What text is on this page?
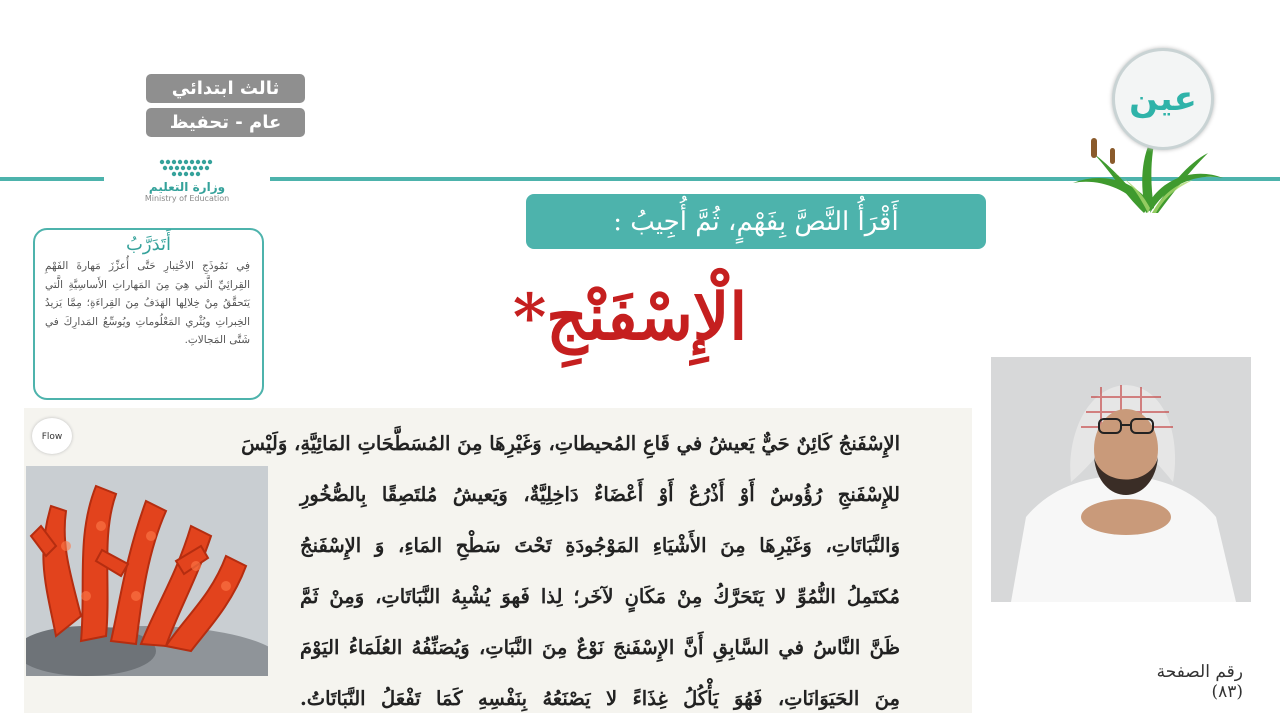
ثالث ابتدائي
عام - تحفيظ
وزارة التعليم
Ministry of Education
أَتَدَرَّبُ
فِي نَمُوذَجِ الاخْتِبارِ حَتَّى أُعزِّزَ مَهارةَ الفَهْمِ القِرائِيِّ الَّتي هِيَ مِنَ المَهاراتِ الأَساسِيَّةِ الَّتي يَتَحقَّقُ مِنْ خِلالِها الهَدَفُ مِنَ القِراءَةِ؛ مِمَّا يَزيدُ الخِبراتِ ويُثْري المَعْلُوماتِ ويُوسِّعُ المَدارِكَ في شَتَّى المَجالاتِ.
أَقْرَأُ النَّصَّ بِفَهْمٍ، ثُمَّ أُجِيبُ :
الْإِسْفَنْجِ*
Flow	الإِسْفَنجُ كَائِنٌ حَيٌّ يَعيشُ في قَاعِ المُحيطاتِ، وَغَيْرِهَا مِنَ المُسَطَّحَاتِ المَائِيَّةِ، وَلَيْسَ
للإِسْفَنجِ رُؤُوسٌ أَوْ أَذْرُعٌ أَوْ أَعْضَاءٌ دَاخِلِيَّةٌ، وَيَعيشُ مُلتَصِقًا بِالصُّخُورِ
وَالنَّبَاتَاتِ، وَغَيْرِهَا مِنَ الأَشْيَاءِ المَوْجُودَةِ تَحْتَ سَطْحِ المَاءِ، وَ الإِسْفَنجُ
مُكتَمِلُ النُّمُوِّ لا يَتَحَرَّكُ مِنْ مَكَانٍ لآخَر؛ لِذا فَهوَ يُشْبِهُ النَّبَاتَاتِ، وَمِنْ ثَمَّ
ظَنَّ النَّاسُ في السَّابِقِ أَنَّ الإِسْفَنجَ نَوْعٌ مِنَ النَّبَاتِ، وَيُصَنِّفُهُ العُلَمَاءُ اليَوْمَ
مِنَ الحَيَوَانَاتِ، فَهُوَ يَأْكُلُ غِذَاءً لا يَصْنَعُهُ بِنَفْسِهِ كَمَا تَفْعَلُ النَّبَاتَاتُ.
رقم الصفحة (٨٣)
عين
